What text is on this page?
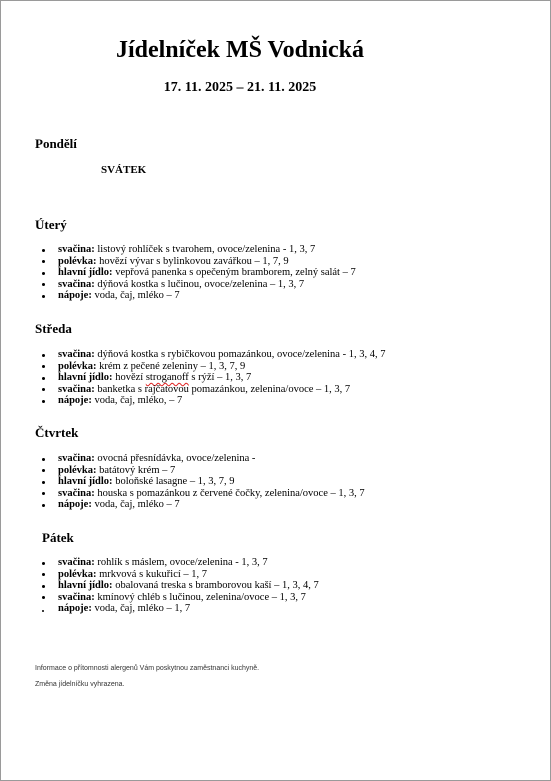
Jídelníček MŠ Vodnická
17. 11. 2025 – 21. 11. 2025
Pondělí
SVÁTEK
Úterý
svačina: listový rohlíček s tvarohem, ovoce/zelenina - 1, 3, 7
polévka: hovězí vývar s bylinkovou zavářkou – 1, 7, 9
hlavní jídlo: vepřová panenka s opečeným bramborem, zelný salát – 7
svačina: dýňová kostka s lučinou, ovoce/zelenina – 1, 3, 7
nápoje: voda, čaj, mléko – 7
Středa
svačina: dýňová kostka s rybičkovou pomazánkou, ovoce/zelenina - 1, 3, 4, 7
polévka: krém z pečené zeleniny – 1, 3, 7, 9
hlavní jídlo: hovězí stroganoff s rýží – 1, 3, 7
svačina: banketka s rajčatovou pomazánkou, zelenina/ovoce – 1, 3, 7
nápoje: voda, čaj, mléko, – 7
Čtvrtek
svačina: ovocná přesnídávka, ovoce/zelenina -
polévka: batátový krém – 7
hlavní jídlo: boloňské lasagne – 1, 3, 7, 9
svačina: houska s pomazánkou z červené čočky, zelenina/ovoce – 1, 3, 7
nápoje: voda, čaj, mléko – 7
Pátek
svačina: rohlík s máslem, ovoce/zelenina - 1, 3, 7
polévka: mrkvová s kukuřicí – 1, 7
hlavní jídlo: obalovaná treska s bramborovou kaší – 1, 3, 4, 7
svačina: kmínový chléb s lučinou, zelenina/ovoce – 1, 3, 7
nápoje: voda, čaj, mléko – 1, 7
Informace o přítomnosti alergenů Vám poskytnou zaměstnanci kuchyně.
Změna jídelníčku vyhrazena.
